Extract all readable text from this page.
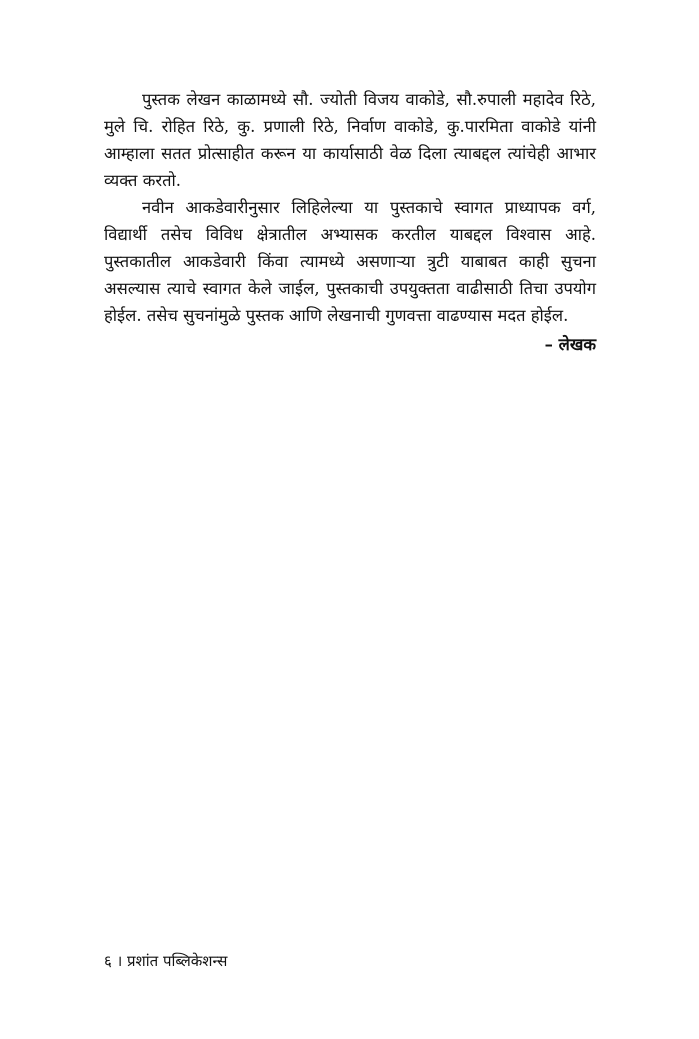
पुस्तक लेखन काळामध्ये सौ. ज्योती विजय वाकोडे, सौ.रुपाली महादेव रिठे, मुले चि. रोहित रिठे, कु. प्रणाली रिठे, निर्वाण वाकोडे, कु.पारमिता वाकोडे यांनी आम्हाला सतत प्रोत्साहीत करून या कार्यासाठी वेळ दिला त्याबद्दल त्यांचेही आभार व्यक्त करतो.

नवीन आकडेवारीनुसार लिहिलेल्या या पुस्तकाचे स्वागत प्राध्यापक वर्ग, विद्यार्थी तसेच विविध क्षेत्रातील अभ्यासक करतील याबद्दल विश्वास आहे. पुस्तकातील आकडेवारी किंवा त्यामध्ये असणाऱ्या त्रुटी याबाबत काही सुचना असल्यास त्याचे स्वागत केले जाईल, पुस्तकाची उपयुक्तता वाढीसाठी तिचा उपयोग होईल. तसेच सुचनांमुळे पुस्तक आणि लेखनाची गुणवत्ता वाढण्यास मदत होईल.

– लेखक

६ । प्रशांत पब्लिकेशन्स
